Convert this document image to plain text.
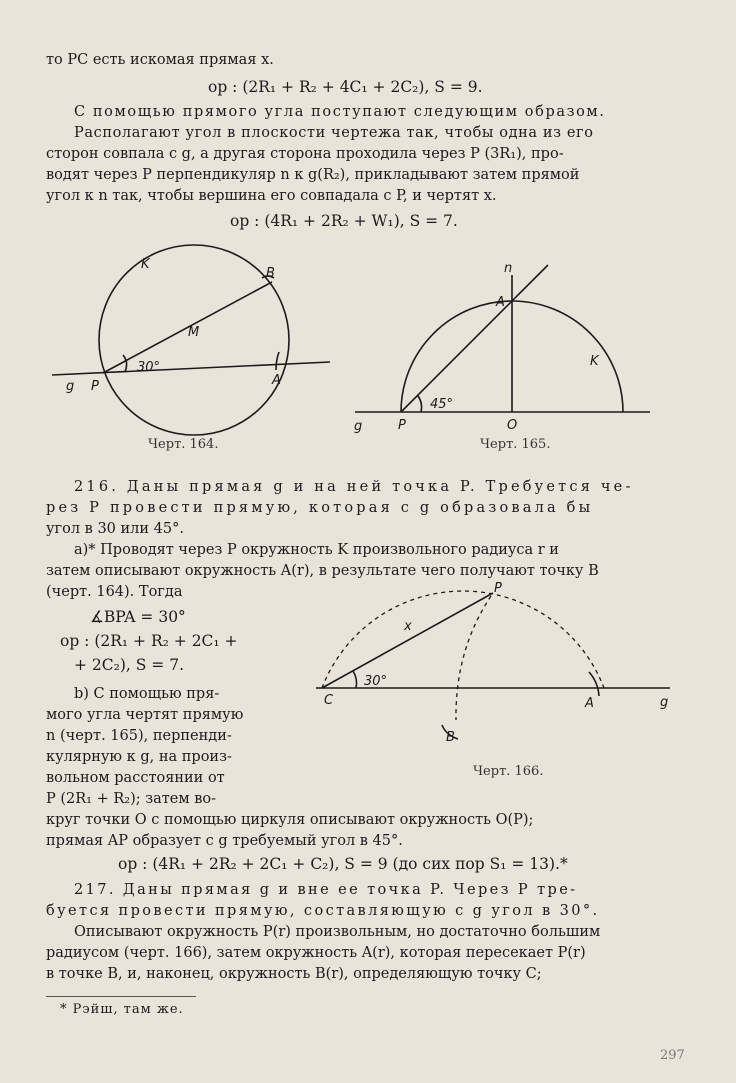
то PC есть искомая прямая x.
op : (2R₁ + R₂ + 4C₁ + 2C₂), S = 9.
С помощью прямого угла поступают следующим образом.
Располагают угол в плоскости чертежа так, чтобы одна из его
сторон совпала с g, а другая сторона проходила через P (3R₁), про-
водят через P перпендикуляр n к g(R₂), прикладывают затем прямой
угол к n так, чтобы вершина его совпадала с P, и чертят x.
op : (4R₁ + 2R₂ + W₁), S = 7.
K
B
M
30°
g P	A
n
A
K
45°
g	P	O
Черт. 164.	Черт. 165.
216. Даны прямая g и на ней точка P. Требуется че-
рез P провести прямую, которая с g образовала бы
угол в 30 или 45°.
а)* Проводят через P окружность K произвольного радиуса r и
затем описывают окружность A(r), в результате чего получают точку B
(черт. 164). Тогда
∡BPA = 30°
op : (2R₁ + R₂ + 2C₁ +
+ 2C₂), S = 7.
b) С помощью пря-
мого угла чертят прямую
n (черт. 165), перпенди-
кулярную к g, на произ-
вольном расстоянии от
P (2R₁ + R₂); затем во-
круг точки O с помощью циркуля описывают окружность O(P);
прямая AP образует с g требуемый угол в 45°.
op : (4R₁ + 2R₂ + 2C₁ + C₂), S = 9 (до сих пор S₁ = 13).*
P
x
30°
C	A	g
B
Черт. 166.
217. Даны прямая g и вне ее точка P. Через P тре-
буется провести прямую, составляющую с g угол в 30°.
Описывают окружность P(r) произвольным, но достаточно большим
радиусом (черт. 166), затем окружность A(r), которая пересекает P(r)
в точке B, и, наконец, окружность B(r), определяющую точку C;
* Рэйш, там же.
297
